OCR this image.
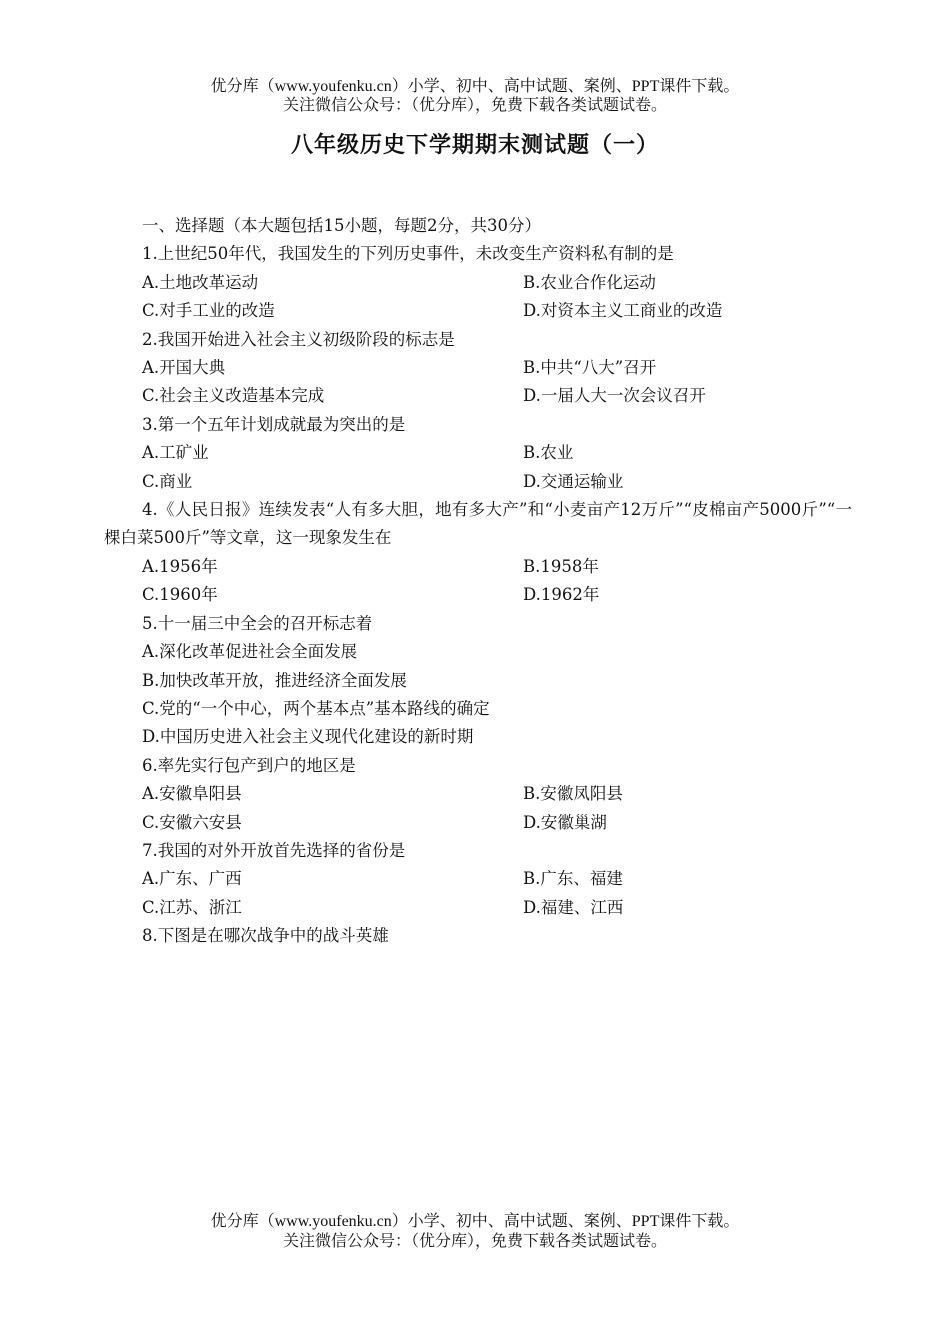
优分库（www.youfenku.cn）小学、初中、高中试题、案例、PPT课件下载。
关注微信公众号：（优分库），免费下载各类试题试卷。
八年级历史下学期期末测试题（一）
一、选择题（本大题包括15小题，每题2分，共30分）
1.上世纪50年代，我国发生的下列历史事件，未改变生产资料私有制的是
A.土地改革运动	B.农业合作化运动
C.对手工业的改造	D.对资本主义工商业的改造
2.我国开始进入社会主义初级阶段的标志是
A.开国大典	B.中共“八大”召开
C.社会主义改造基本完成	D.一届人大一次会议召开
3.第一个五年计划成就最为突出的是
A.工矿业	B.农业
C.商业	D.交通运输业
4.《人民日报》连续发表“人有多大胆，地有多大产”和“小麦亩产12万斤”“皮棉亩产5000斤”“一棵白菜500斤”等文章，这一现象发生在
A.1956年	B.1958年
C.1960年	D.1962年
5.十一届三中全会的召开标志着
A.深化改革促进社会全面发展
B.加快改革开放，推进经济全面发展
C.党的“一个中心，两个基本点”基本路线的确定
D.中国历史进入社会主义现代化建设的新时期
6.率先实行包产到户的地区是
A.安徽阜阳县	B.安徽凤阳县
C.安徽六安县	D.安徽巢湖
7.我国的对外开放首先选择的省份是
A.广东、广西	B.广东、福建
C.江苏、浙江	D.福建、江西
8.下图是在哪次战争中的战斗英雄
优分库（www.youfenku.cn）小学、初中、高中试题、案例、PPT课件下载。
关注微信公众号：（优分库），免费下载各类试题试卷。
